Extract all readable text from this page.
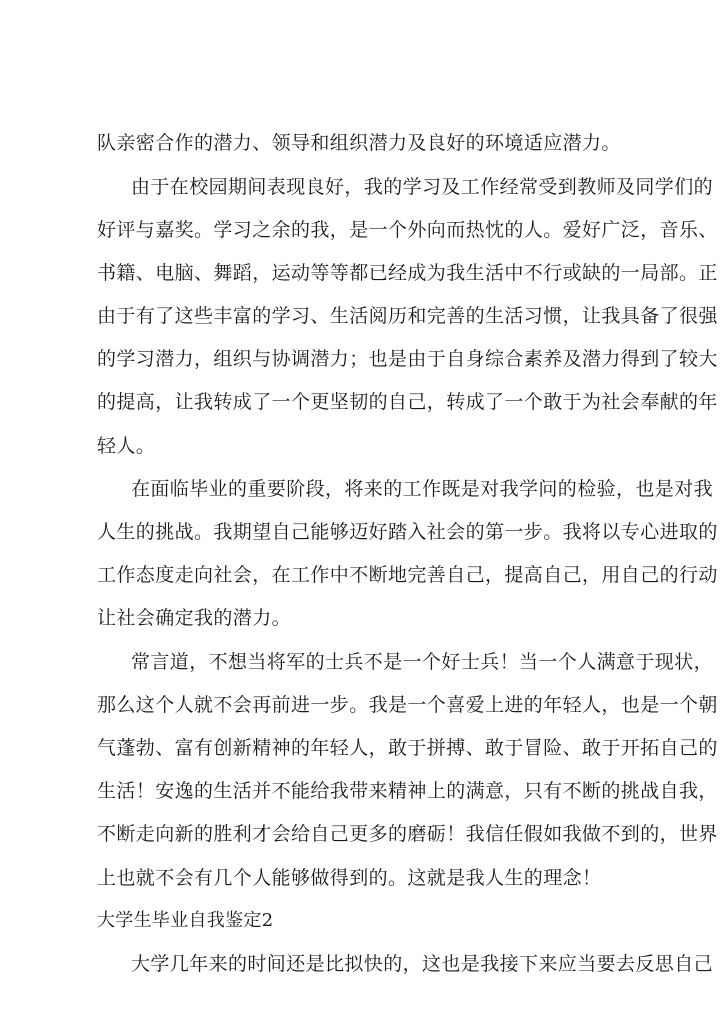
队亲密合作的潜力、领导和组织潜力及良好的环境适应潜力。
由于在校园期间表现良好，我的学习及工作经常受到教师及同学们的
好评与嘉奖。学习之余的我，是一个外向而热忱的人。爱好广泛，音乐、
书籍、电脑、舞蹈，运动等等都已经成为我生活中不行或缺的一局部。正
由于有了这些丰富的学习、生活阅历和完善的生活习惯，让我具备了很强
的学习潜力，组织与协调潜力；也是由于自身综合素养及潜力得到了较大
的提高，让我转成了一个更坚韧的自己，转成了一个敢于为社会奉献的年
轻人。
在面临毕业的重要阶段，将来的工作既是对我学问的检验，也是对我
人生的挑战。我期望自己能够迈好踏入社会的第一步。我将以专心进取的
工作态度走向社会，在工作中不断地完善自己，提高自己，用自己的行动
让社会确定我的潜力。
常言道，不想当将军的士兵不是一个好士兵！当一个人满意于现状，
那么这个人就不会再前进一步。我是一个喜爱上进的年轻人，也是一个朝
气蓬勃、富有创新精神的年轻人，敢于拼搏、敢于冒险、敢于开拓自己的
生活！安逸的生活并不能给我带来精神上的满意，只有不断的挑战自我，
不断走向新的胜利才会给自己更多的磨砺！我信任假如我做不到的，世界
上也就不会有几个人能够做得到的。这就是我人生的理念！
大学生毕业自我鉴定2
大学几年来的时间还是比拟快的，这也是我接下来应当要去反思自己
